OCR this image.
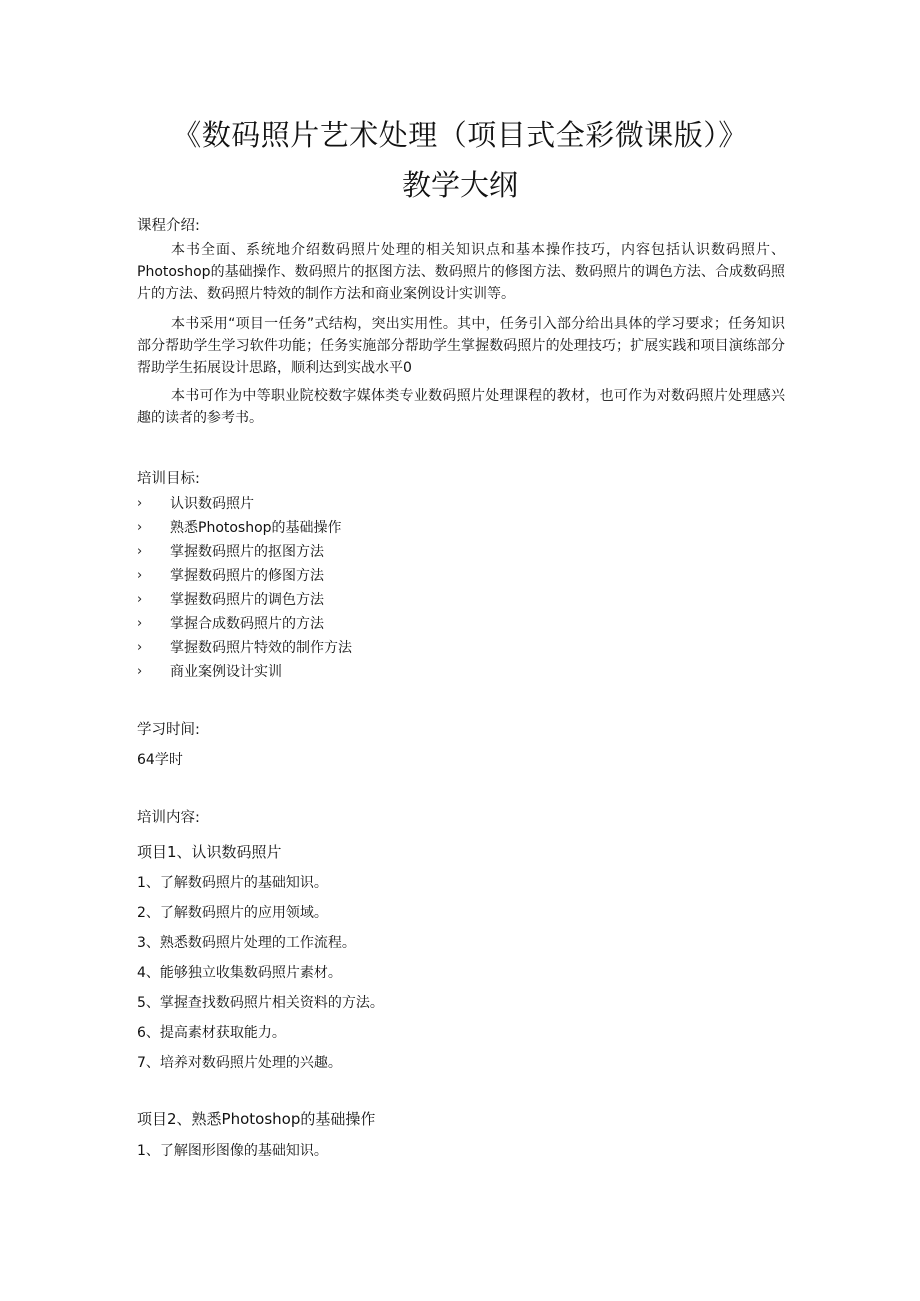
《数码照片艺术处理（项目式全彩微课版）》
教学大纲

课程介绍:

本书全面、系统地介绍数码照片处理的相关知识点和基本操作技巧，内容包括认识数码照片、Photoshop的基础操作、数码照片的抠图方法、数码照片的修图方法、数码照片的调色方法、合成数码照片的方法、数码照片特效的制作方法和商业案例设计实训等。

本书采用“项目一任务”式结构，突出实用性。其中，任务引入部分给出具体的学习要求；任务知识部分帮助学生学习软件功能；任务实施部分帮助学生掌握数码照片的处理技巧；扩展实践和项目演练部分帮助学生拓展设计思路，顺利达到实战水平0

本书可作为中等职业院校数字媒体类专业数码照片处理课程的教材，也可作为对数码照片处理感兴趣的读者的参考书。

培训目标:

›	认识数码照片
›	熟悉Photoshop的基础操作
›	掌握数码照片的抠图方法
›	掌握数码照片的修图方法
›	掌握数码照片的调色方法
›	掌握合成数码照片的方法
›	掌握数码照片特效的制作方法
›	商业案例设计实训

学习时间:

64学时

培训内容:

项目1、认识数码照片

1、了解数码照片的基础知识。
2、了解数码照片的应用领域。
3、熟悉数码照片处理的工作流程。
4、能够独立收集数码照片素材。
5、掌握查找数码照片相关资料的方法。
6、提高素材获取能力。
7、培养对数码照片处理的兴趣。

项目2、熟悉Photoshop的基础操作

1、了解图形图像的基础知识。
